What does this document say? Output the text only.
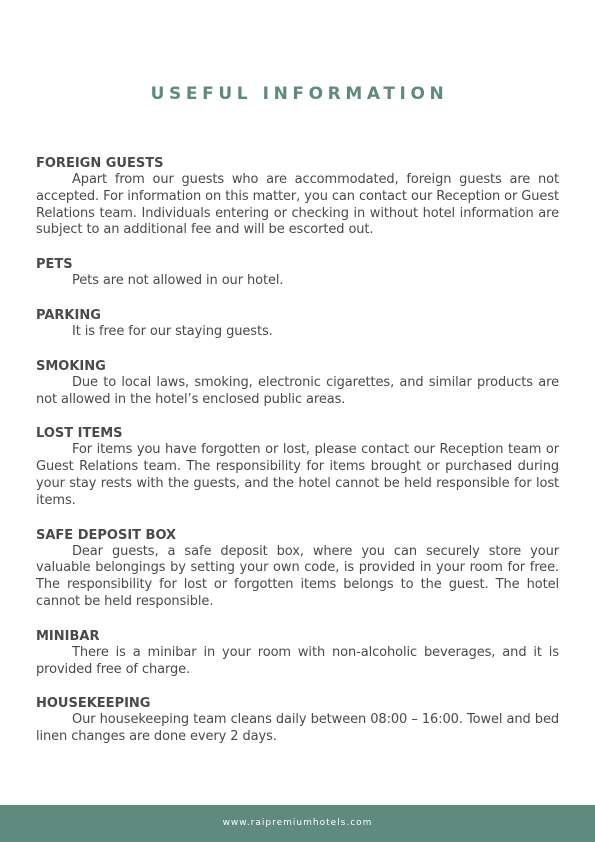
USEFUL INFORMATION

FOREIGN GUESTS

Apart from our guests who are accommodated, foreign guests are not accepted. For information on this matter, you can contact our Reception or Guest Relations team. Individuals entering or checking in without hotel information are subject to an additional fee and will be escorted out.

PETS

Pets are not allowed in our hotel.

PARKING

It is free for our staying guests.

SMOKING

Due to local laws, smoking, electronic cigarettes, and similar products are not allowed in the hotel’s enclosed public areas.

LOST ITEMS

For items you have forgotten or lost, please contact our Reception team or Guest Relations team. The responsibility for items brought or purchased during your stay rests with the guests, and the hotel cannot be held responsible for lost items.

SAFE DEPOSIT BOX

Dear guests, a safe deposit box, where you can securely store your valuable belongings by setting your own code, is provided in your room for free. The responsibility for lost or forgotten items belongs to the guest. The hotel cannot be held responsible.

MINIBAR

There is a minibar in your room with non-alcoholic beverages, and it is provided free of charge.

HOUSEKEEPING

Our housekeeping team cleans daily between 08:00 – 16:00. Towel and bed linen changes are done every 2 days.

www.raipremiumhotels.com
